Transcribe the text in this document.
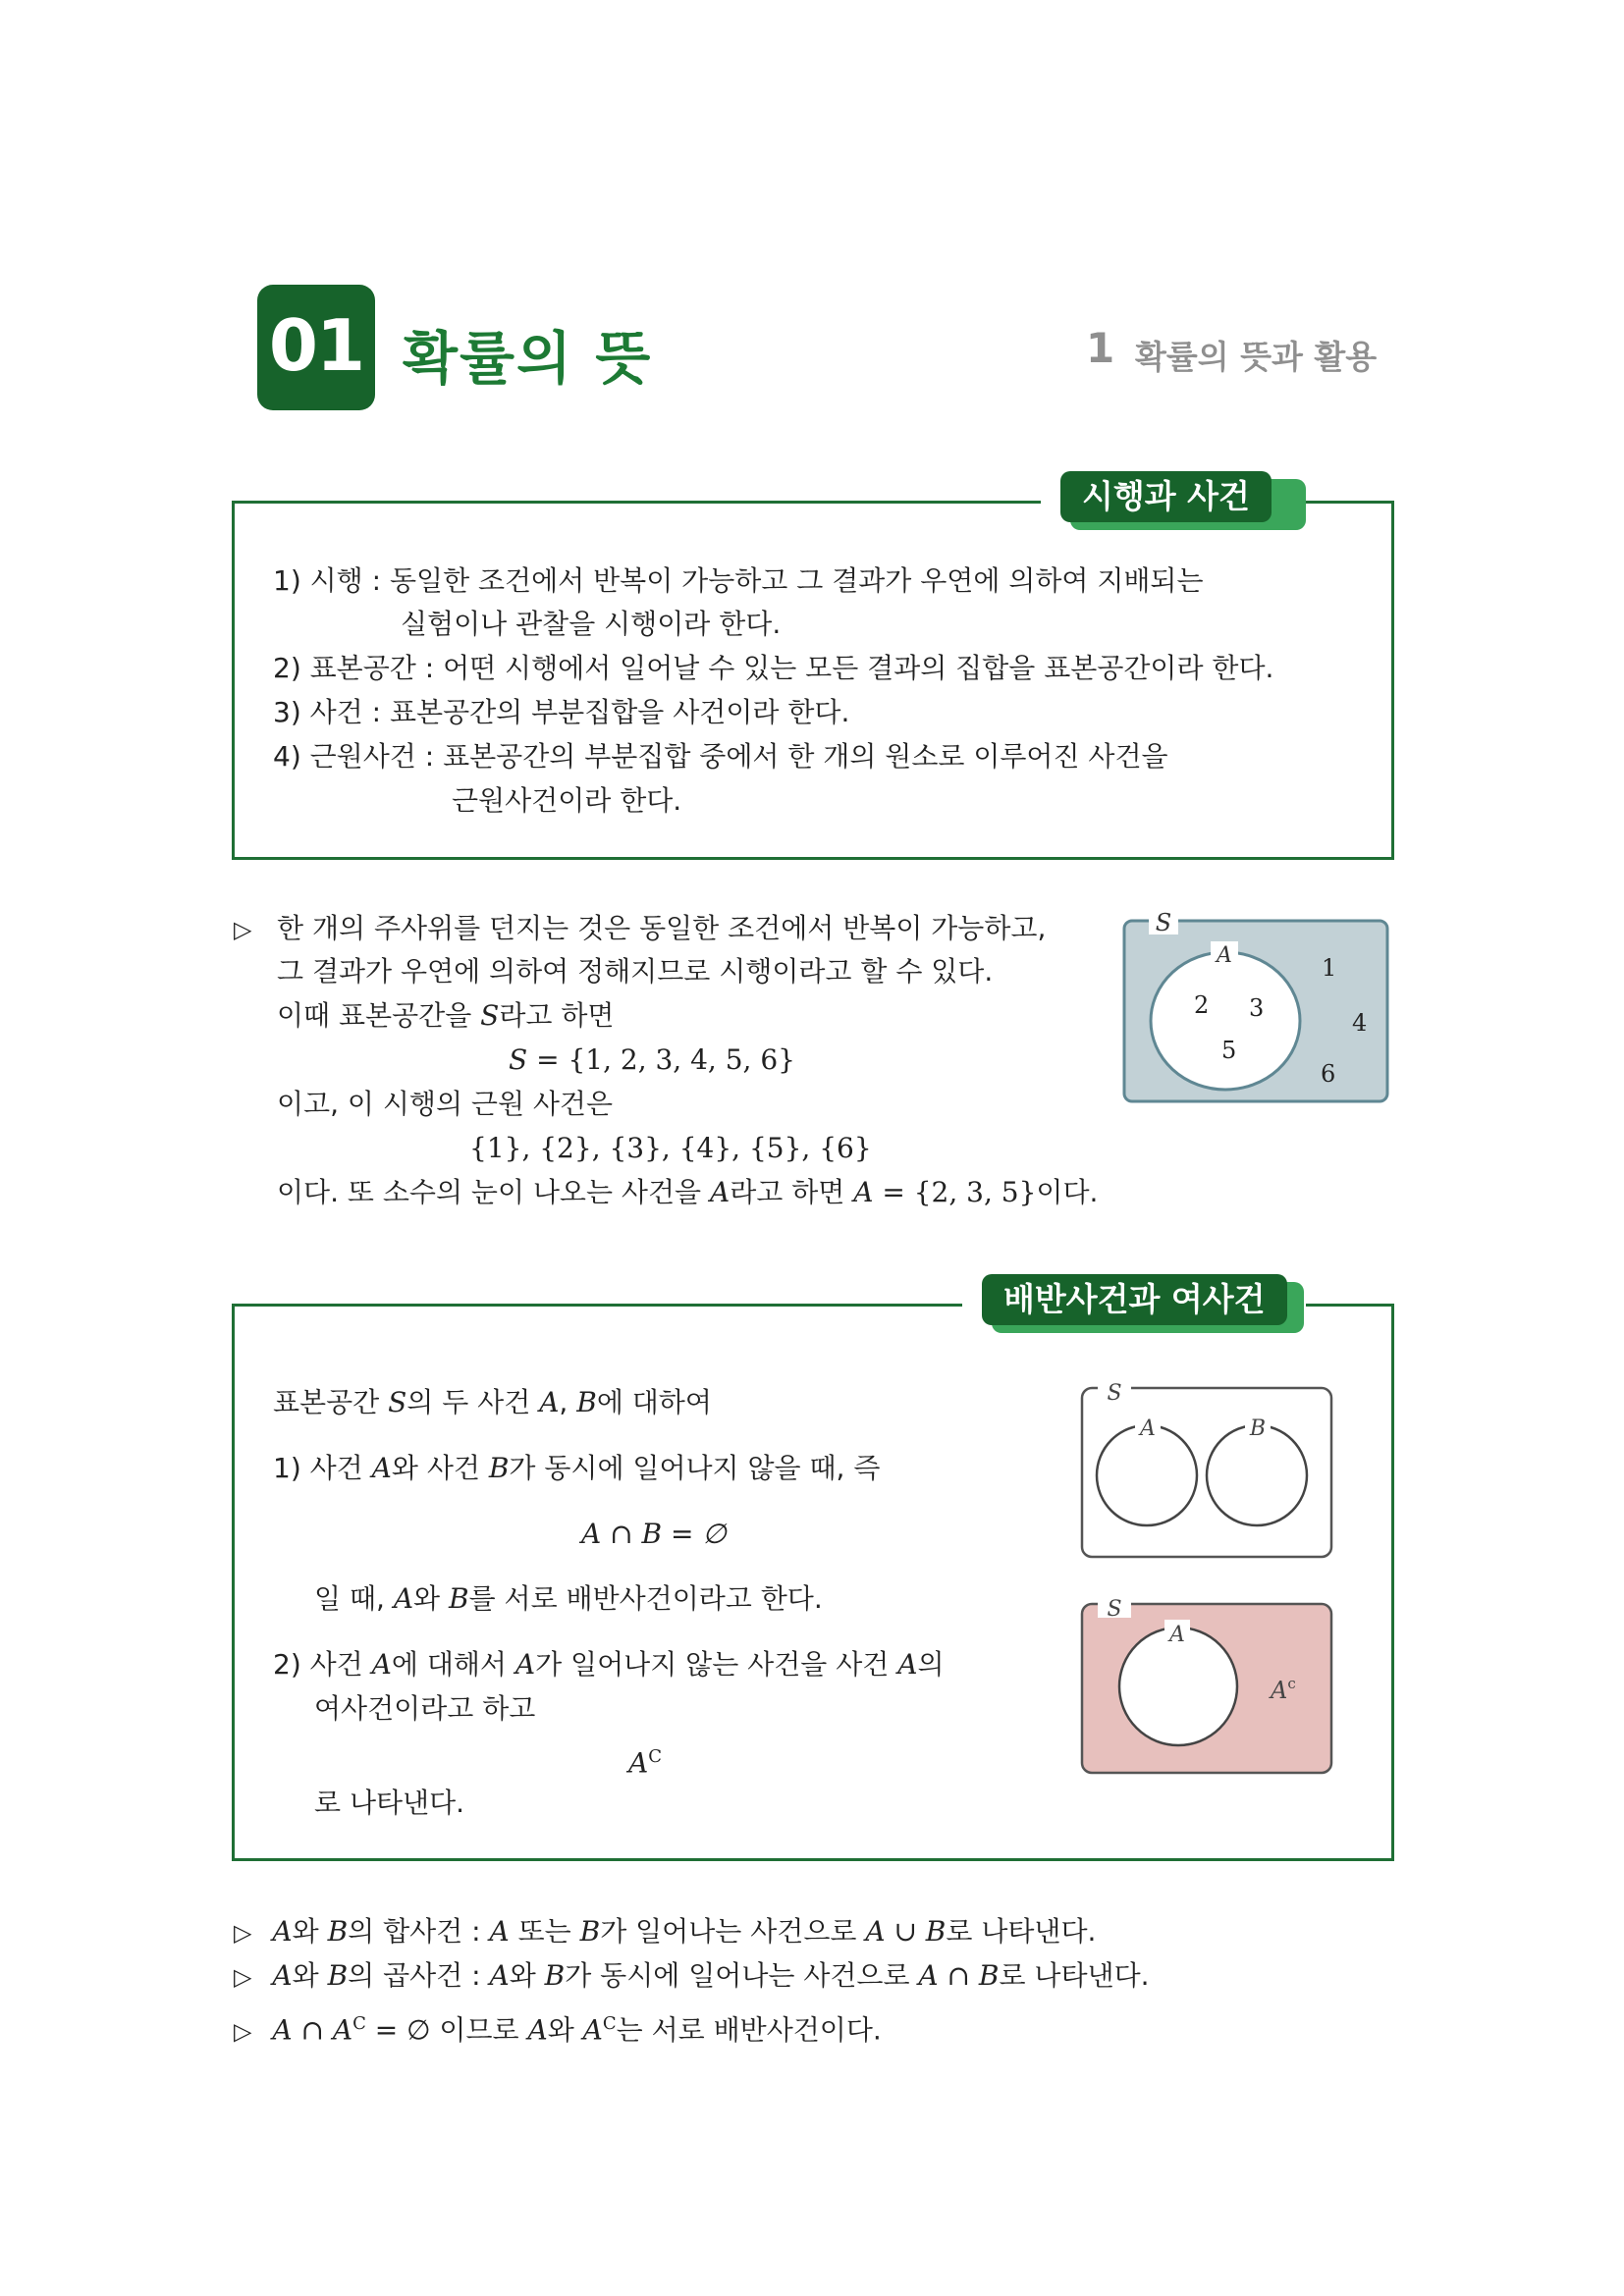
01 확률의 뜻	1 확률의 뜻과 활용
시행과 사건
1) 시행 : 동일한 조건에서 반복이 가능하고 그 결과가 우연에 의하여 지배되는
실험이나 관찰을 시행이라 한다.
2) 표본공간 : 어떤 시행에서 일어날 수 있는 모든 결과의 집합을 표본공간이라 한다.
3) 사건 : 표본공간의 부분집합을 사건이라 한다.
4) 근원사건 : 표본공간의 부분집합 중에서 한 개의 원소로 이루어진 사건을
근원사건이라 한다.
▷ 한 개의 주사위를 던지는 것은 동일한 조건에서 반복이 가능하고,
그 결과가 우연에 의하여 정해지므로 시행이라고 할 수 있다.
이때 표본공간을 S라고 하면
S = {1, 2, 3, 4, 5, 6}
이고, 이 시행의 근원 사건은
{1}, {2}, {3}, {4}, {5}, {6}
이다. 또 소수의 눈이 나오는 사건을 A라고 하면 A = {2, 3, 5}이다.
S
A
2 3
5
1
4
6
배반사건과 여사건
표본공간 S의 두 사건 A, B에 대하여
1) 사건 A와 사건 B가 동시에 일어나지 않을 때, 즉
A ∩ B = ∅
일 때, A와 B를 서로 배반사건이라고 한다.
2) 사건 A에 대해서 A가 일어나지 않는 사건을 사건 A의
여사건이라고 하고
$A^C$
로 나타낸다.
S
A	B
S
A
$A^c$
▷ A와 B의 합사건 : A 또는 B가 일어나는 사건으로 A ∪ B로 나타낸다.
▷ A와 B의 곱사건 : A와 B가 동시에 일어나는 사건으로 A ∩ B로 나타낸다.
▷ A ∩ $A^C$ = ∅ 이므로 A와 $A^C$는 서로 배반사건이다.
